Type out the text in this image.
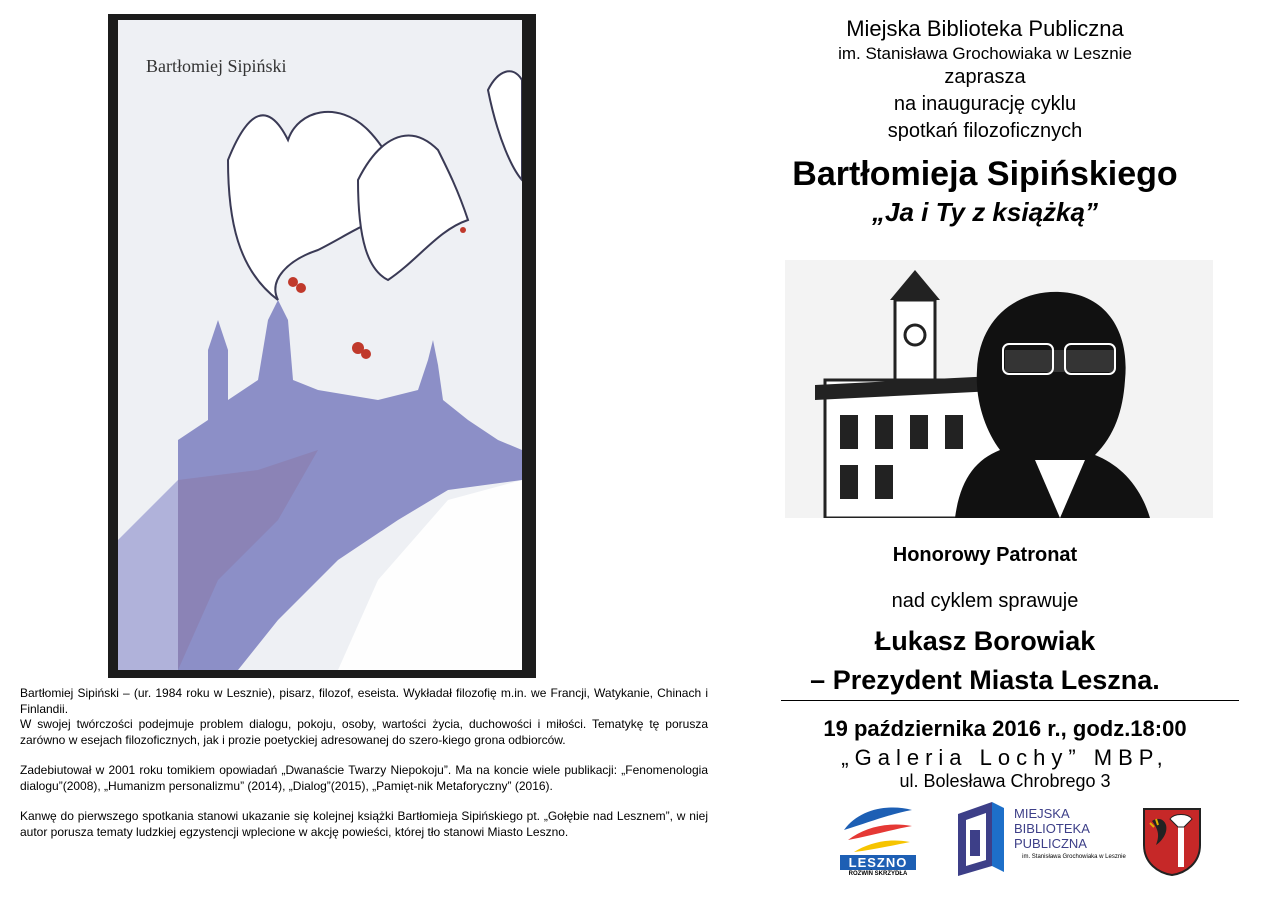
Bartłomiej Sipiński

Bartłomiej Sipiński – (ur. 1984 roku w Lesznie), pisarz, filozof, eseista. Wykładał filozofię m.in. we Francji, Watykanie, Chinach i Finlandii.
W swojej twórczości podejmuje problem dialogu, pokoju, osoby, wartości życia, duchowości i miłości. Tematykę tę porusza zarówno w esejach filozoficznych, jak i prozie poetyckiej adresowanej do szero-kiego grona odbiorców.

Zadebiutował w 2001 roku tomikiem opowiadań „Dwanaście Twarzy Niepokoju”. Ma na koncie wiele publikacji: „Fenomenologia dialogu”(2008), „Humanizm personalizmu” (2014), „Dialog”(2015), „Pamięt-nik Metaforyczny” (2016).

Kanwę do pierwszego spotkania stanowi ukazanie się kolejnej książki Bartłomieja Sipińskiego pt. „Gołębie nad Lesznem”, w niej autor porusza tematy ludzkiej egzystencji wplecione w akcję powieści, której tło stanowi Miasto Leszno.

Miejska Biblioteka Publiczna
im. Stanisława Grochowiaka w Lesznie
zaprasza
na inaugurację cyklu
spotkań filozoficznych
Bartłomieja Sipińskiego
„Ja i Ty z książką”
Honorowy Patronat
nad cyklem sprawuje
Łukasz Borowiak
– Prezydent Miasta Leszna.
19 października 2016 r., godz.18:00
„Galeria Lochy” MBP,
ul. Bolesława Chrobrego 3
LESZNO
ROZWIŃ SKRZYDŁA
MIEJSKA
BIBLIOTEKA
PUBLICZNA
im. Stanisława Grochowiaka w Lesznie
